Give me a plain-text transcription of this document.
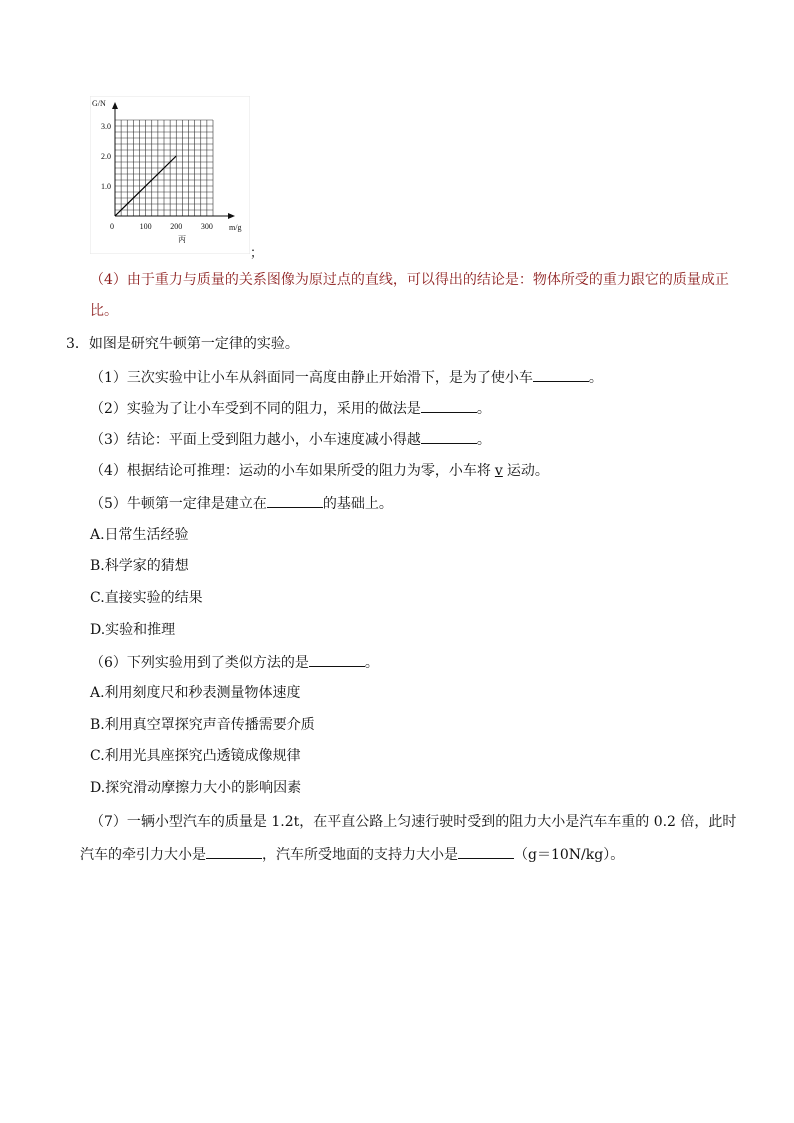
G/N
m/g
0	100 200 300
1.0
2.0
3.0
丙
；
（4）由于重力与质量的关系图像为原过点的直线，可以得出的结论是：物体所受的重力跟它的质量成正
比。
3．如图是研究牛顿第一定律的实验。
（1）三次实验中让小车从斜面同一高度由静止开始滑下，是为了使小车	。
（2）实验为了让小车受到不同的阻力，采用的做法是	。
（3）结论：平面上受到阻力越小，小车速度减小得越	。
（4）根据结论可推理：运动的小车如果所受的阻力为零，小车将 v 运动。
（5）牛顿第一定律是建立在	的基础上。
A.日常生活经验
B.科学家的猜想
C.直接实验的结果
D.实验和推理
（6）下列实验用到了类似方法的是	。
A.利用刻度尺和秒表测量物体速度
B.利用真空罩探究声音传播需要介质
C.利用光具座探究凸透镜成像规律
D.探究滑动摩擦力大小的影响因素
（7）一辆小型汽车的质量是 1.2t，在平直公路上匀速行驶时受到的阻力大小是汽车车重的 0.2 倍，此时
汽车的牵引力大小是	，汽车所受地面的支持力大小是	（g＝10N/kg）。
